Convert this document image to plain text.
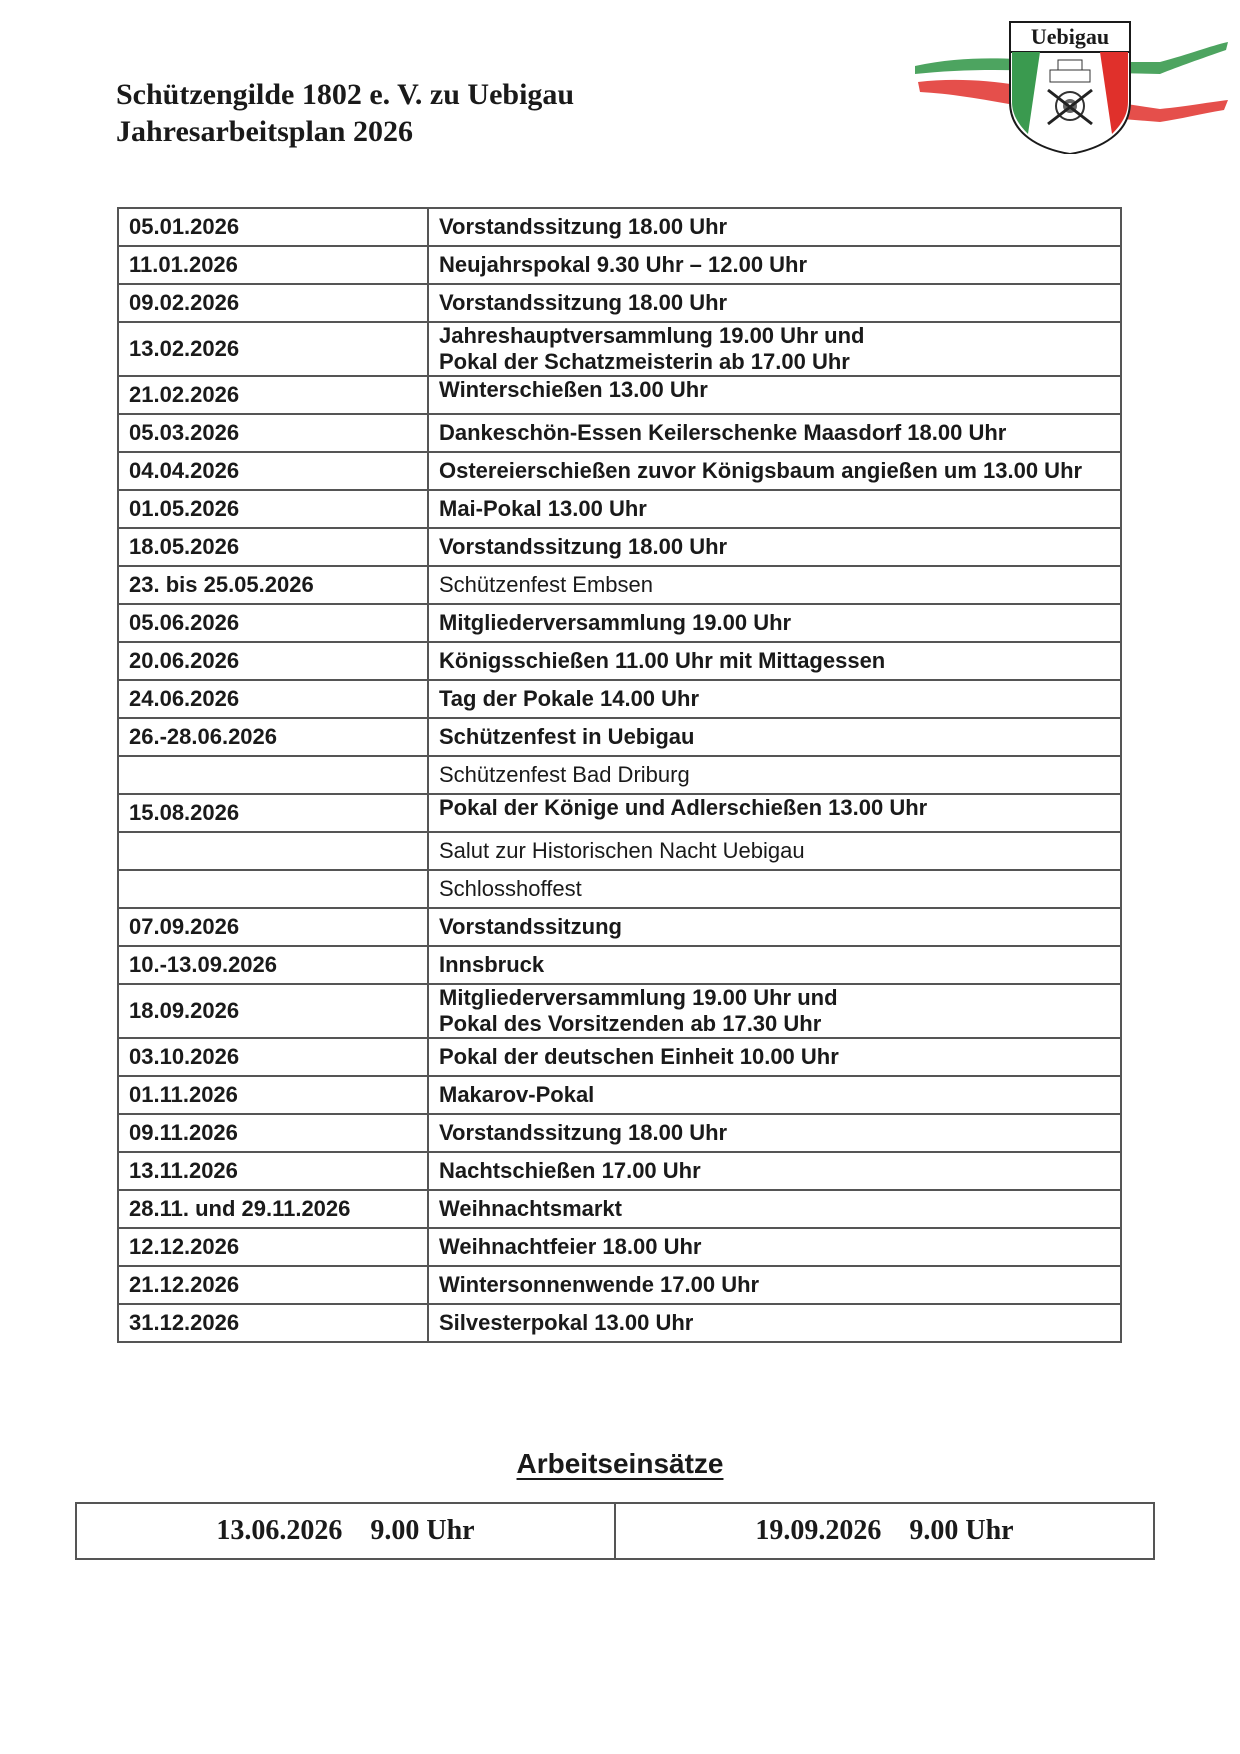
Schützengilde 1802 e. V. zu Uebigau
Jahresarbeitsplan 2026
Uebigau
05.01.2026	Vorstandssitzung 18.00 Uhr

11.01.2026	Neujahrspokal 9.30 Uhr – 12.00 Uhr

09.02.2026	Vorstandssitzung 18.00 Uhr

13.02.2026	Jahreshauptversammlung 19.00 Uhr und
Pokal der Schatzmeisterin ab 17.00 Uhr

21.02.2026	Winterschießen 13.00 Uhr

05.03.2026	Dankeschön-Essen Keilerschenke Maasdorf 18.00 Uhr

04.04.2026	Ostereierschießen zuvor Königsbaum angießen um 13.00 Uhr

01.05.2026	Mai-Pokal 13.00 Uhr

18.05.2026	Vorstandssitzung 18.00 Uhr

23. bis 25.05.2026	Schützenfest Embsen

05.06.2026	Mitgliederversammlung 19.00 Uhr

20.06.2026	Königsschießen 11.00 Uhr mit Mittagessen

24.06.2026	Tag der Pokale 14.00 Uhr

26.-28.06.2026	Schützenfest in Uebigau

	Schützenfest Bad Driburg

15.08.2026	Pokal der Könige und Adlerschießen 13.00 Uhr

	Salut zur Historischen Nacht Uebigau

	Schlosshoffest

07.09.2026	Vorstandssitzung

10.-13.09.2026	Innsbruck

18.09.2026	Mitgliederversammlung 19.00 Uhr und
Pokal des Vorsitzenden ab 17.30 Uhr

03.10.2026	Pokal der deutschen Einheit 10.00 Uhr

01.11.2026	Makarov-Pokal

09.11.2026	Vorstandssitzung 18.00 Uhr

13.11.2026	Nachtschießen 17.00 Uhr

28.11. und 29.11.2026	Weihnachtsmarkt

12.12.2026	Weihnachtfeier 18.00 Uhr

21.12.2026	Wintersonnenwende 17.00 Uhr

31.12.2026	Silvesterpokal 13.00 Uhr
Arbeitseinsätze
13.06.2026 9.00 Uhr	19.09.2026 9.00 Uhr
